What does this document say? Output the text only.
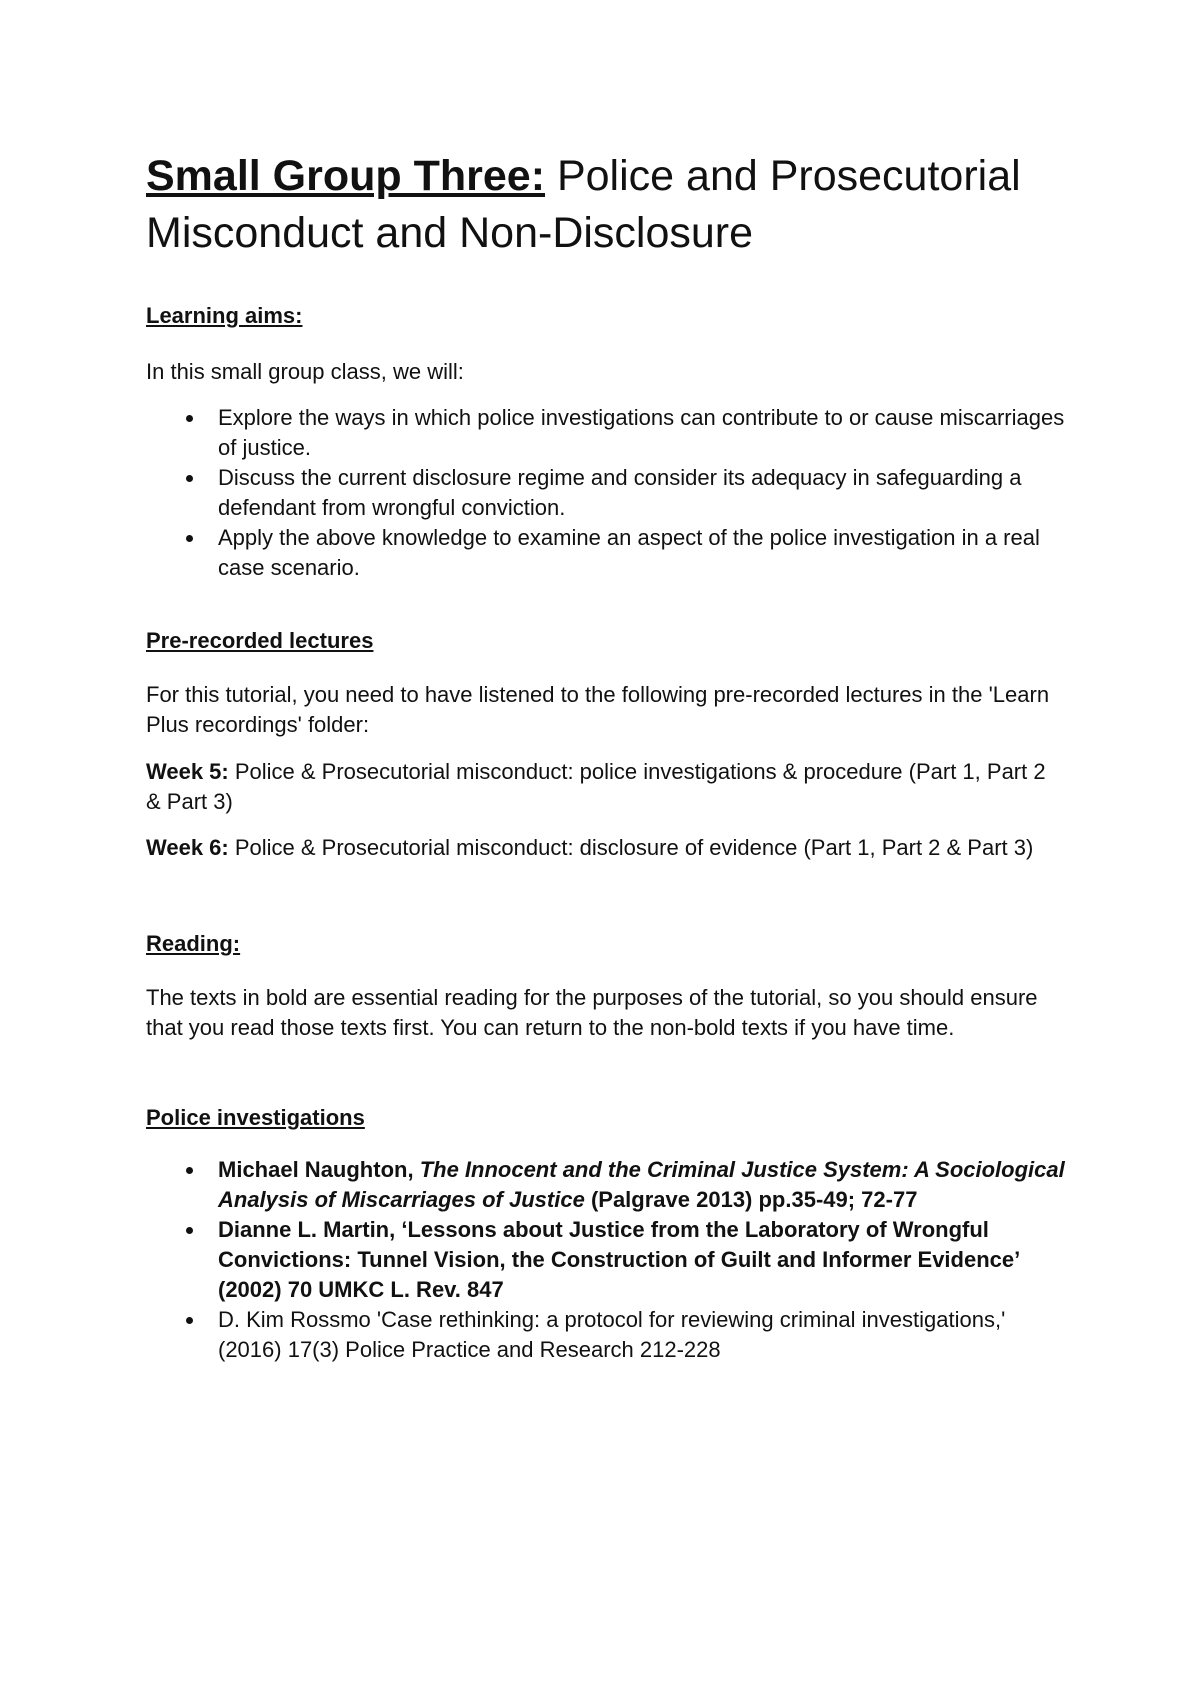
Small Group Three: Police and Prosecutorial Misconduct and Non-Disclosure
Learning aims:

In this small group class, we will:

Explore the ways in which police investigations can contribute to or cause miscarriages of justice.
Discuss the current disclosure regime and consider its adequacy in safeguarding a defendant from wrongful conviction.
Apply the above knowledge to examine an aspect of the police investigation in a real case scenario.
Pre-recorded lectures

For this tutorial, you need to have listened to the following pre-recorded lectures in the 'Learn Plus recordings' folder:

Week 5: Police & Prosecutorial misconduct: police investigations & procedure (Part 1, Part 2 & Part 3)

Week 6: Police & Prosecutorial misconduct: disclosure of evidence (Part 1, Part 2 & Part 3)

Reading:

The texts in bold are essential reading for the purposes of the tutorial, so you should ensure that you read those texts first. You can return to the non-bold texts if you have time.

Police investigations
Michael Naughton, The Innocent and the Criminal Justice System: A Sociological Analysis of Miscarriages of Justice (Palgrave 2013) pp.35-49; 72-77
Dianne L. Martin, ‘Lessons about Justice from the Laboratory of Wrongful Convictions: Tunnel Vision, the Construction of Guilt and Informer Evidence’ (2002) 70 UMKC L. Rev. 847
D. Kim Rossmo 'Case rethinking: a protocol for reviewing criminal investigations,' (2016) 17(3) Police Practice and Research 212-228
